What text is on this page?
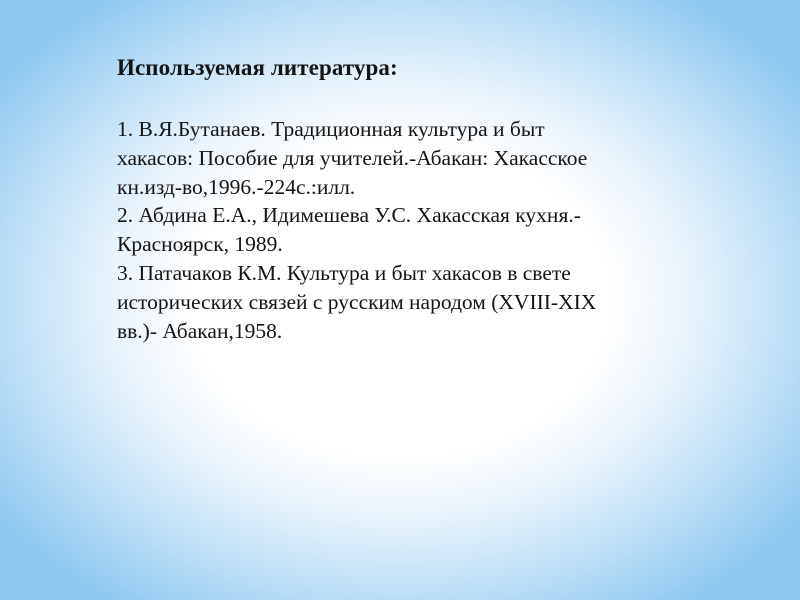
Используемая литература:
1. В.Я.Бутанаев. Традиционная культура и быт
хакасов: Пособие для учителей.-Абакан: Хакасское
кн.изд-во,1996.-224с.:илл.
2. Абдина Е.А., Идимешева У.С. Хакасская кухня.-
Красноярск, 1989.
3. Патачаков К.М. Культура и быт хакасов в свете
исторических связей с русским народом (XVIII-XIX
вв.)- Абакан,1958.
